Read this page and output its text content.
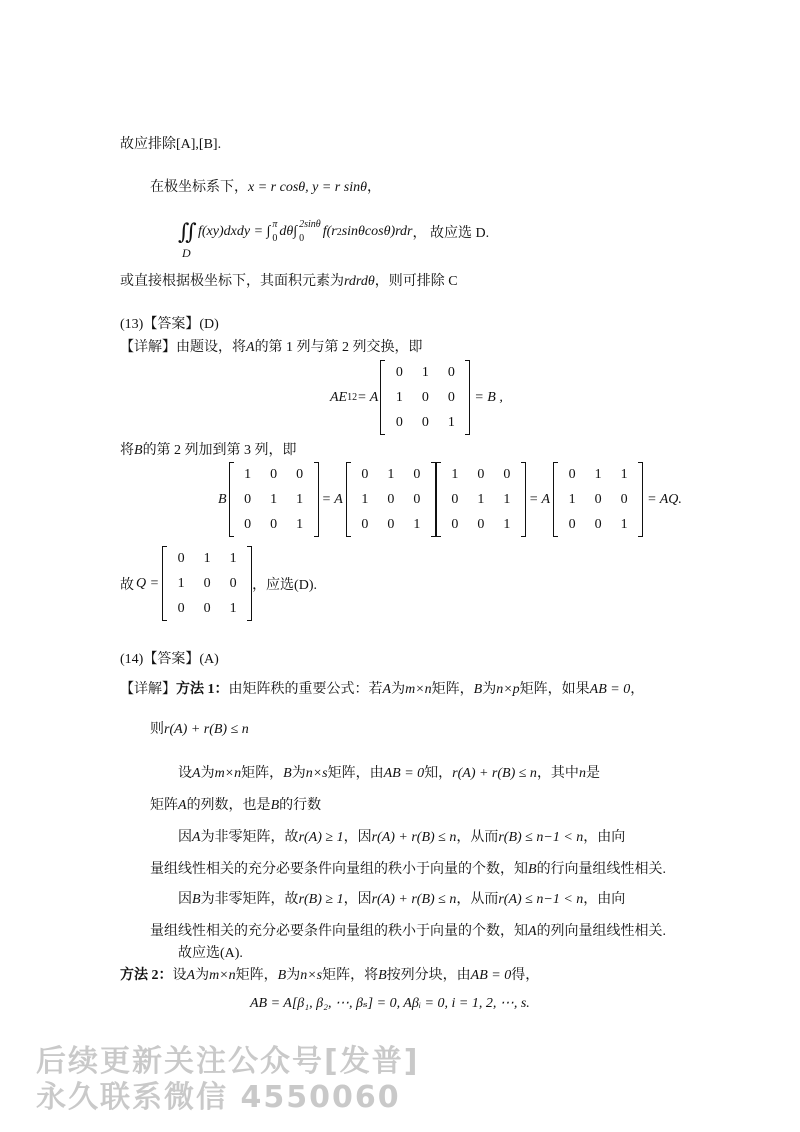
故应排除[A],[B].
在极坐标系下，x = r cosθ, y = r sinθ，
∬
D
f(xy)dxdy = ∫ π
0 dθ∫ 2sinθ
0	f(r 2 sinθcosθ)rdr ， 故应选 D.
或直接根据极坐标下，其面积元素为rdrdθ，则可排除 C
(13)【答案】(D)
【详解】由题设，将A的第 1 列与第 2 列交换，即
AE 12 = A
0	1	0
1	0	0
0	0	1
= B ,
将B的第 2 列加到第 3 列，即
B
1	0	0
0	1	1
0	0	1
= A
0	1	0
1	0	0
0	0	1
1	0	0
0	1	1
0	0	1
= A
0	1	1
1	0	0
0	0	1
= AQ.
故 Q =
0	1	1
1	0	0
0	0	1
，应选(D).
(14)【答案】(A)
【详解】方法 1：由矩阵秩的重要公式：若A为m×n矩阵，B为n×p矩阵，如果AB = 0，
则r(A) + r(B) ≤ n
设A为m×n矩阵，B为n×s矩阵，由AB = 0知，r(A) + r(B) ≤ n，其中n是
矩阵A的列数，也是B的行数
因A为非零矩阵，故r(A) ≥ 1，因r(A) + r(B) ≤ n，从而r(B) ≤ n−1 < n，由向
量组线性相关的充分必要条件向量组的秩小于向量的个数，知B的行向量组线性相关.
因B为非零矩阵，故r(B) ≥ 1，因r(A) + r(B) ≤ n，从而r(A) ≤ n−1 < n，由向
量组线性相关的充分必要条件向量组的秩小于向量的个数，知A的列向量组线性相关.
故应选(A).
方法 2：设A为m×n矩阵，B为n×s矩阵，将B按列分块，由AB = 0得，
AB = A[β₁, β₂, ⋯, βₛ] = 0, Aβᵢ = 0, i = 1, 2, ⋯, s.
后续更新关注公众号[发普]
永久联系微信 4550060
